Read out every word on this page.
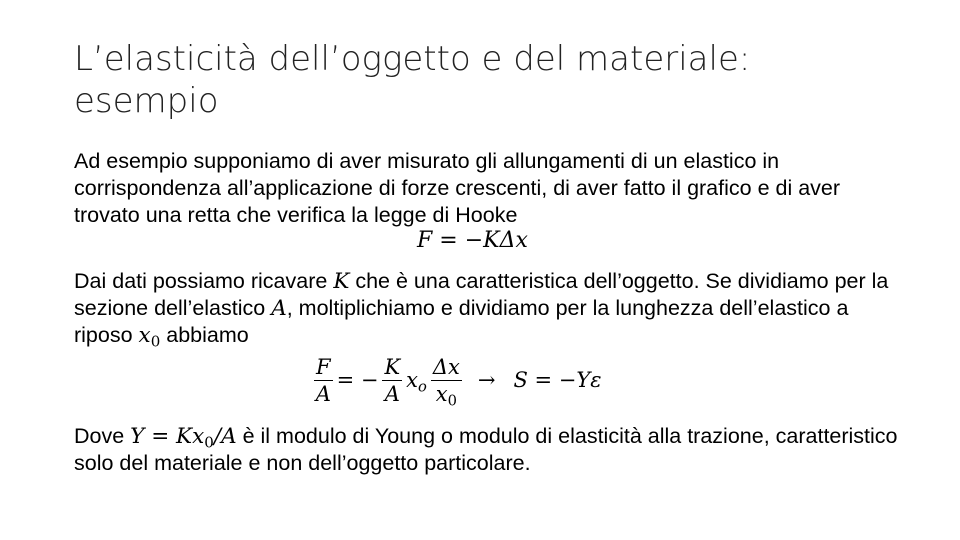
L’elasticità dell’oggetto e del materiale: esempio
Ad esempio supponiamo di aver misurato gli allungamenti di un elastico in corrispondenza all’applicazione di forze crescenti, di aver fatto il grafico e di aver trovato una retta che verifica la legge di Hooke
F = −KΔx
Dai dati possiamo ricavare K che è una caratteristica dell’oggetto. Se dividiamo per la sezione dell’elastico A, moltiplichiamo e dividiamo per la lunghezza dell’elastico a riposo $x_0$ abbiamo
$\frac{F}{A}$ = − $\frac{K}{A} x_o \frac{\Delta x}{x_0} \to S = -Y\varepsilon$
Dove $Y = Kx_0/A$ è il modulo di Young o modulo di elasticità alla trazione, caratteristico solo del materiale e non dell’oggetto particolare.
